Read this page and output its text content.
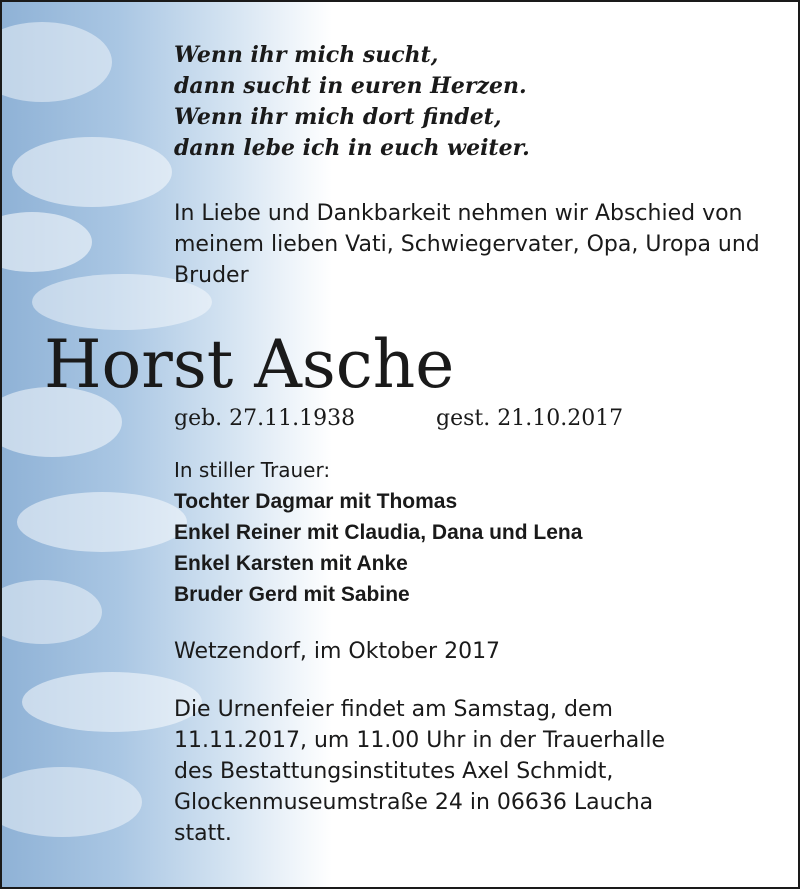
Wenn ihr mich sucht,
dann sucht in euren Herzen.
Wenn ihr mich dort findet,
dann lebe ich in euch weiter.
In Liebe und Dankbarkeit nehmen wir Abschied von meinem lieben Vati, Schwiegervater, Opa, Uropa und Bruder
Horst Asche
geb. 27.11.1938	gest. 21.10.2017
In stiller Trauer:
Tochter Dagmar mit Thomas
Enkel Reiner mit Claudia, Dana und Lena
Enkel Karsten mit Anke
Bruder Gerd mit Sabine
Wetzendorf, im Oktober 2017
Die Urnenfeier findet am Samstag, dem
11.11.2017, um 11.00 Uhr in der Trauerhalle
des Bestattungsinstitutes Axel Schmidt,
Glockenmuseumstraße 24 in 06636 Laucha
statt.
